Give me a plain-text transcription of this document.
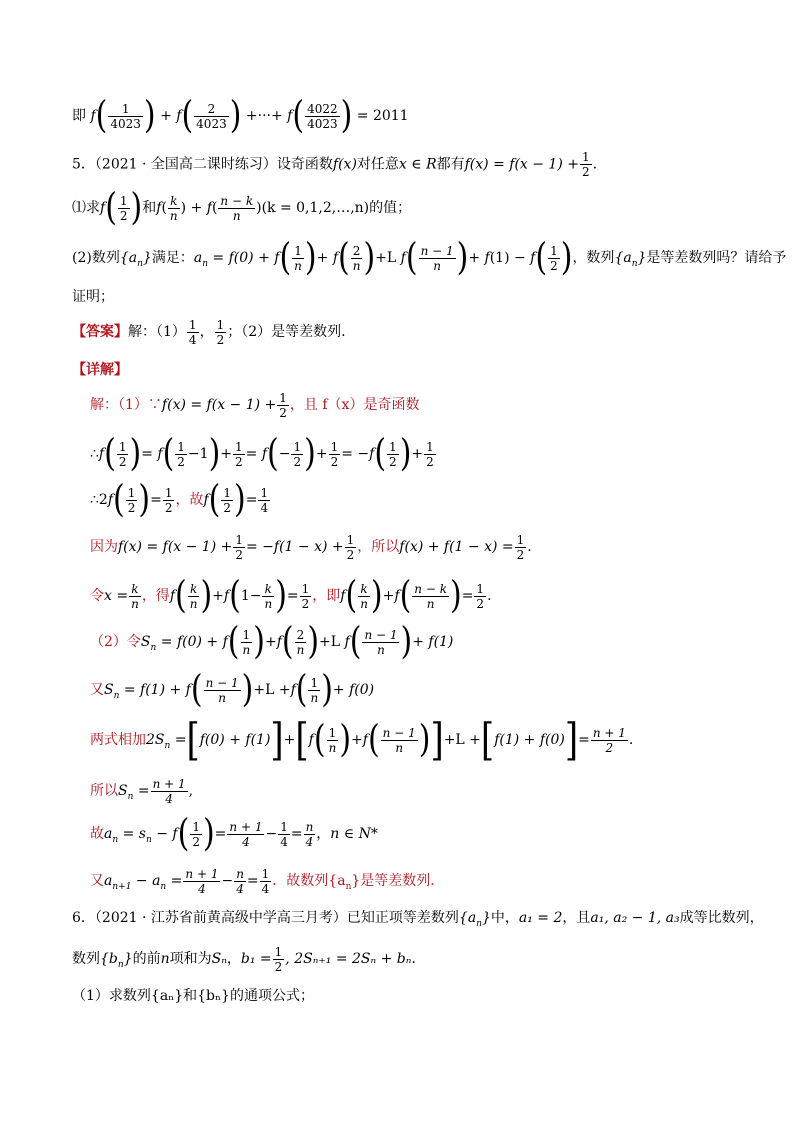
即 $f( \frac{1}{4023}$ ) + $f( \frac{2}{4023}$ ) +···+ $f( \frac{4022}{4023}$ ) = 2011
5．（2021 · 全国高二课时练习）设奇函数f(x)对任意x ∈ R都有$f(x) = f(x - 1) + \frac{1}{2}$ .
⑴求$f( \frac{1}{2}$ )和$f( \frac{k}{n}$ ) + $f( \frac{n - k}{n} )(k$ = 0,1,2,…,n)的值；
(2)数列$\{a_n\}$满足：$a_n = f(0) + f( \frac{1}{n}$ )+ $f( \frac{2}{n} )+L$ $f( \frac{n - 1}{n}$ )+ $f(1) - f( \frac{1}{2}$ )，数列$\{a_n\}$是等差数列吗？请给予
证明；
【答案】解：$(1) \frac{1}{4}$ ， $\frac{1}{2}$ ；（2）是等差数列.
【详解】
解：（1）∵f(x) = $f(x - 1) + \frac{1}{2}$ ，且 f（x）是奇函数
∴f( $\frac{1}{2}$ )= $f( \frac{1}{2} -1)+ \frac{1}{2} = f(- \frac{1}{2}$ )+ $\frac{1}{2} = -f( \frac{1}{2}$ )+ $\frac{1}{2}$
∴2f( $\frac{1}{2}$ )= $\frac{1}{2}$ ，故$f( \frac{1}{2}$ )= $\frac{1}{4}$
因为$f(x) = f(x - 1) + \frac{1}{2} = -f(1 - x) + \frac{1}{2}$ ，所以$f(x) + f(1 - x) = \frac{1}{2}$ .
令$x = \frac{k}{n}$ ，得$f( \frac{k}{n} )+f(1- \frac{k}{n}$ )= $\frac{1}{2}$ ，即$f( \frac{k}{n} )+f( \frac{n - k}{n}$ )= $\frac{1}{2}$ .
（2）令$S_n = f(0) + f( \frac{1}{n} )+f( \frac{2}{n} )+L$ $f( \frac{n - 1}{n}$ )+ f(1)
又$S_n = f(1) + f( \frac{n - 1}{n} )+L +f( \frac{1}{n}$ )+ f(0)
两式相加$2S_n =[f(0) + f(1)]+[f( \frac{1}{n} )+f( \frac{n - 1}{n} )]+L +[f(1) + f(0)]= \frac{n + 1}{2}$ .
所以$S_n = \frac{n + 1}{4}$ ,
故$a_n = s_n - f( \frac{1}{2}$ )= $\frac{n + 1}{4} - \frac{1}{4} = \frac{n}{4}$ ，n ∈ N*
又$a_{n+1} - a_n = \frac{n + 1}{4} - \frac{n}{4} = \frac{1}{4}$ ．故数列$\{a_n\}$是等差数列.
6．（2021 · 江苏省前黄高级中学高三月考）已知正项等差数列$\{a_n\}$中，a₁ = 2，且a₁, a₂ − 1, a₃成等比数列，
数列$\{b_n\}$的前n项和为Sₙ，$b_1 = \frac{1}{2}$ , 2Sₙ₊₁ = 2Sₙ + bₙ．
（1）求数列{aₙ}和{bₙ}的通项公式；
